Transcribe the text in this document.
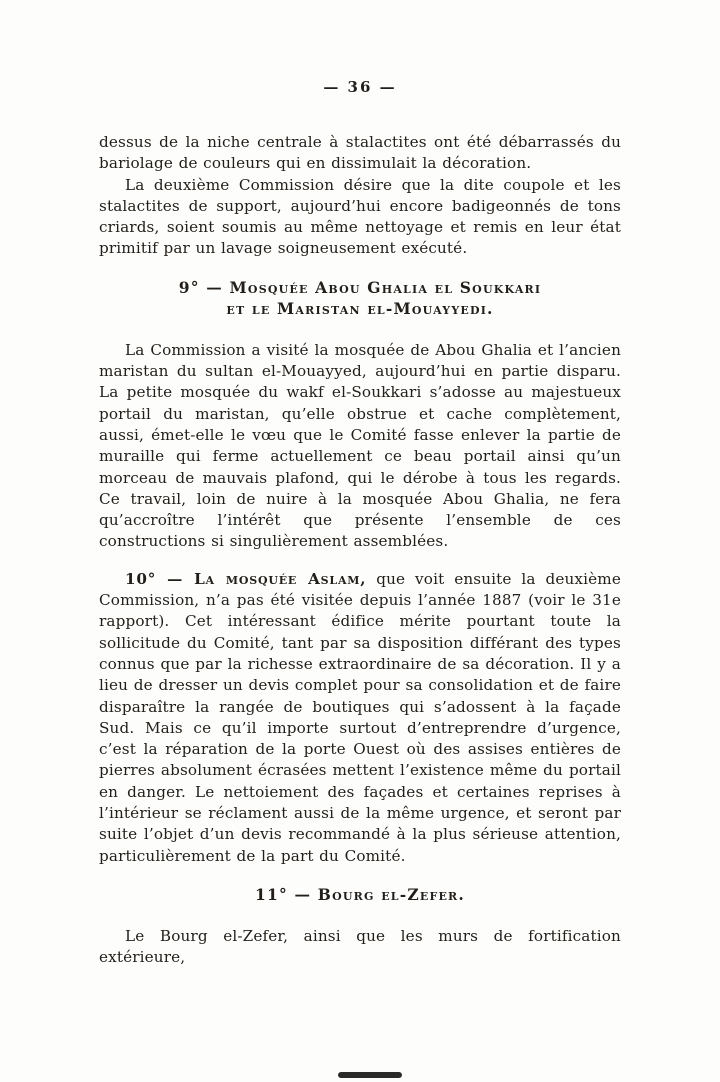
— 36 —

dessus de la niche centrale à stalactites ont été débarrassés du bariolage de couleurs qui en dissimulait la décoration.

La deuxième Commission désire que la dite coupole et les stalactites de support, aujourd’hui encore badigeonnés de tons criards, soient soumis au même nettoyage et remis en leur état primitif par un lavage soigneusement exécuté.

9° — Mosquée Abou Ghalia el Soukkari
et le Maristan el-Mouayyedi.

La Commission a visité la mosquée de Abou Ghalia et l’ancien maristan du sultan el-Mouayyed, aujourd’hui en partie disparu. La petite mosquée du wakf el-Soukkari s’adosse au majestueux portail du maristan, qu’elle obstrue et cache complètement, aussi, émet-elle le vœu que le Comité fasse enlever la partie de muraille qui ferme actuellement ce beau portail ainsi qu’un morceau de mauvais plafond, qui le dérobe à tous les regards. Ce travail, loin de nuire à la mosquée Abou Ghalia, ne fera qu’accroître l’intérêt que présente l’ensemble de ces constructions si singulièrement assemblées.

10° — La mosquée Aslam, que voit ensuite la deuxième Commission, n’a pas été visitée depuis l’année 1887 (voir le 31e rapport). Cet intéressant édifice mérite pourtant toute la sollicitude du Comité, tant par sa disposition différant des types connus que par la richesse extraordinaire de sa décoration. Il y a lieu de dresser un devis complet pour sa consolidation et de faire disparaître la rangée de boutiques qui s’adossent à la façade Sud. Mais ce qu’il importe surtout d’entreprendre d’urgence, c’est la réparation de la porte Ouest où des assises entières de pierres absolument écrasées mettent l’existence même du portail en danger. Le nettoiement des façades et certaines reprises à l’intérieur se réclament aussi de la même urgence, et seront par suite l’objet d’un devis recommandé à la plus sérieuse attention, particulièrement de la part du Comité.

11° — Bourg el-Zefer.

Le Bourg el-Zefer, ainsi que les murs de fortification extérieure,
